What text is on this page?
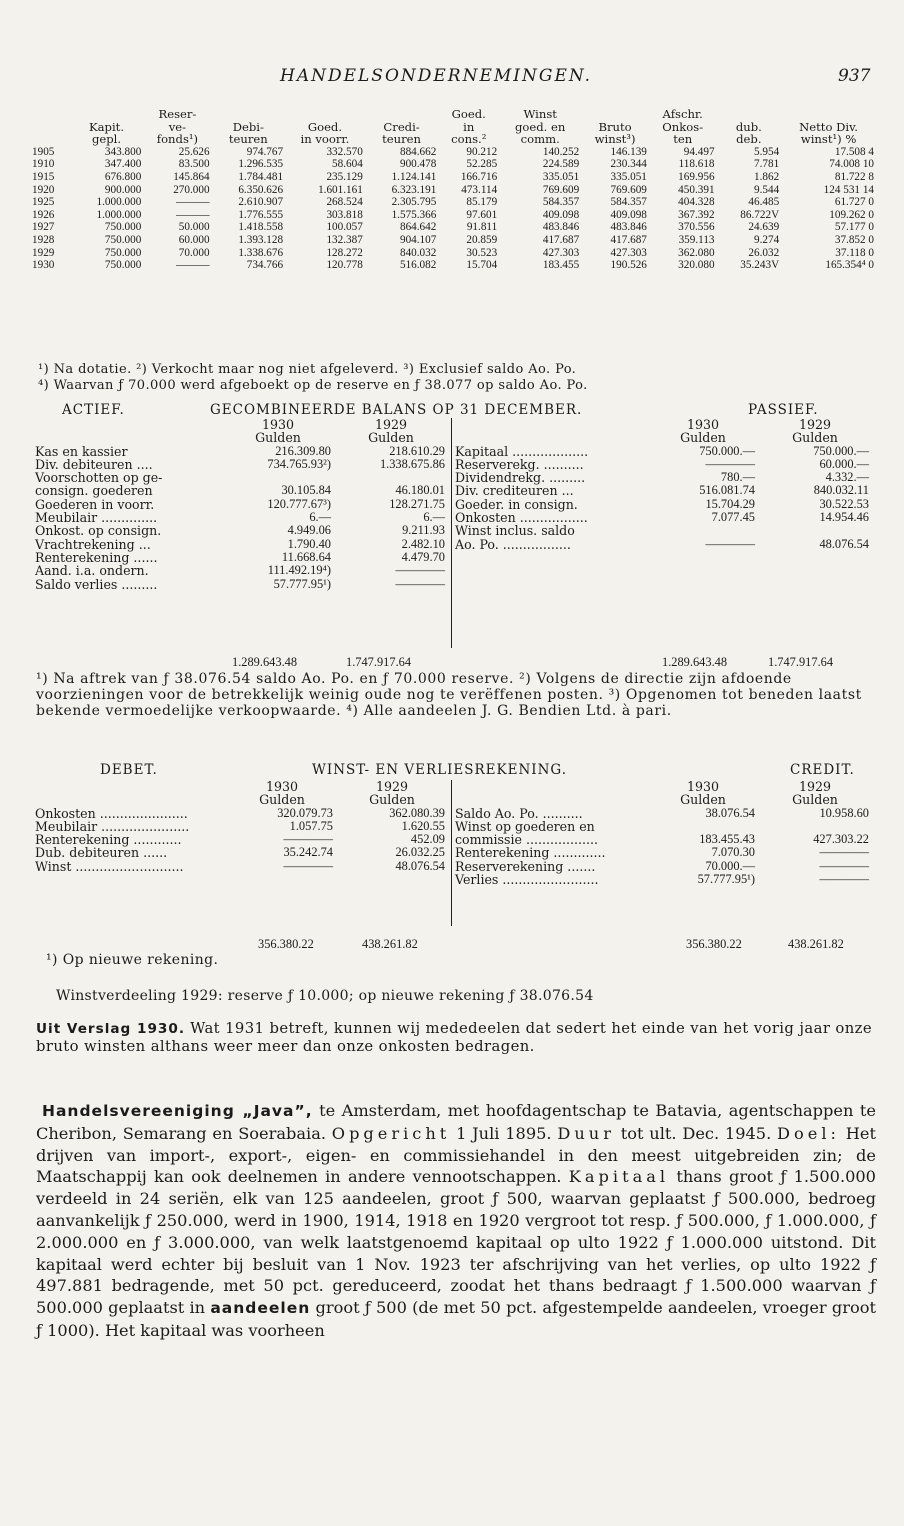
HANDELSONDERNEMINGEN.	937
		Reser-				Goed.	Winst		Afschr.		
	Kapit.	ve-	Debi-	Goed.	Credi-	in	goed. en	Bruto	Onkos-	dub.	Netto Div.
	gepl.	fonds¹)	teuren	in voorr.	teuren	cons.²	comm.	winst³)	ten	deb.	winst¹) %
1905	343.800	25.626	974.767	332.570	884.662	90.212	140.252	146.139	94.497	5.954	17.508 4
1910	347.400	83.500	1.296.535	58.604	900.478	52.285	224.589	230.344	118.618	7.781	74.008 10
1915	676.800	145.864	1.784.481	235.129	1.124.141	166.716	335.051	335.051	169.956	1.862	81.722 8
1920	900.000	270.000	6.350.626	1.601.161	6.323.191	473.114	769.609	769.609	450.391	9.544	124 531 14
1925	1.000.000	———	2.610.907	268.524	2.305.795	85.179	584.357	584.357	404.328	46.485	61.727 0
1926	1.000.000	———	1.776.555	303.818	1.575.366	97.601	409.098	409.098	367.392	86.722V	109.262 0
1927	750.000	50.000	1.418.558	100.057	864.642	91.811	483.846	483.846	370.556	24.639	57.177 0
1928	750.000	60.000	1.393.128	132.387	904.107	20.859	417.687	417.687	359.113	9.274	37.852 0
1929	750.000	70.000	1.338.676	128.272	840.032	30.523	427.303	427.303	362.080	26.032	37.118 0
1930	750.000	———	734.766	120.778	516.082	15.704	183.455	190.526	320.080	35.243V	165.354⁴ 0
¹) Na dotatie. ²) Verkocht maar nog niet afgeleverd. ³) Exclusief saldo Ao. Po.
⁴) Waarvan ƒ 70.000 werd afgeboekt op de reserve en ƒ 38.077 op saldo Ao. Po.
ACTIEF.	GECOMBINEERDE BALANS OP 31 DECEMBER.	PASSIEF.
	1930	1929
	Gulden	Gulden
Kas en kassier	216.309.80	218.610.29
Div. debiteuren ....	734.765.93²)	1.338.675.86
Voorschotten op ge-		
consign. goederen	30.105.84	46.180.01
Goederen in voorr.	120.777.67³)	128.271.75
Meubilair ..............	6.—	6.—
Onkost. op consign.	4.949.06	9.211.93
Vrachtrekening ...	1.790.40	2.482.10
Renterekening ......	11.668.64	4.479.70
Aand. i.a. ondern.	111.492.19⁴)	————
Saldo verlies .........	57.777.95¹)	————
	1930	1929
	Gulden	Gulden
Kapitaal ...................	750.000.—	750.000.—
Reserverekg. ..........	————	60.000.—
Dividendrekg. .........	780.—	4.332.—
Div. crediteuren ...	516.081.74	840.032.11
Goeder. in consign.	15.704.29	30.522.53
Onkosten .................	7.077.45	14.954.46
Winst inclus. saldo		
Ao. Po. .................	————	48.076.54
1.289.643.48	1.747.917.64	1.289.643.48	1.747.917.64
¹) Na aftrek van ƒ 38.076.54 saldo Ao. Po. en ƒ 70.000 reserve. ²) Volgens de directie zijn afdoende voorzieningen voor de betrekkelijk weinig oude nog te verëffenen posten. ³) Opgenomen tot beneden laatst bekende vermoedelijke verkoopwaarde. ⁴) Alle aandeelen J. G. Bendien Ltd. à pari.
DEBET.	WINST- EN VERLIESREKENING.	CREDIT.
	1930	1929
	Gulden	Gulden
Onkosten ......................	320.079.73	362.080.39
Meubilair ......................	1.057.75	1.620.55
Renterekening ............	————	452.09
Dub. debiteuren ......	35.242.74	26.032.25
Winst ...........................	————	48.076.54
	1930	1929
	Gulden	Gulden
Saldo Ao. Po. ..........	38.076.54	10.958.60
Winst op goederen en		
commissie ..................	183.455.43	427.303.22
Renterekening .............	7.070.30	————
Reserverekening .......	70.000.—	————
Verlies ........................	57.777.95¹)	————
356.380.22	438.261.82	356.380.22	438.261.82
¹) Op nieuwe rekening.
Winstverdeeling 1929: reserve ƒ 10.000; op nieuwe rekening ƒ 38.076.54
Uit Verslag 1930. Wat 1931 betreft, kunnen wij mededeelen dat sedert het einde van het vorig jaar onze bruto winsten althans weer meer dan onze onkosten bedragen.

Handelsvereeniging „Java”, te Amsterdam, met hoofdagentschap te Batavia, agentschappen te Cheribon, Semarang en Soerabaia. Opgericht 1 Juli 1895. Duur tot ult. Dec. 1945. Doel: Het drijven van import-, export-, eigen- en commissiehandel in den meest uitgebreiden zin; de Maatschappij kan ook deelnemen in andere vennootschappen. Kapitaal thans groot ƒ 1.500.000 verdeeld in 24 seriën, elk van 125 aandeelen, groot ƒ 500, waarvan geplaatst ƒ 500.000, bedroeg aanvankelijk ƒ 250.000, werd in 1900, 1914, 1918 en 1920 vergroot tot resp. ƒ 500.000, ƒ 1.000.000, ƒ 2.000.000 en ƒ 3.000.000, van welk laatstgenoemd kapitaal op ulto 1922 ƒ 1.000.000 uitstond. Dit kapitaal werd echter bij besluit van 1 Nov. 1923 ter afschrijving van het verlies, op ulto 1922 ƒ 497.881 bedragende, met 50 pct. gereduceerd, zoodat het thans bedraagt ƒ 1.500.000 waarvan ƒ 500.000 geplaatst in aandeelen groot ƒ 500 (de met 50 pct. afgestempelde aandeelen, vroeger groot ƒ 1000). Het kapitaal was voorheen
